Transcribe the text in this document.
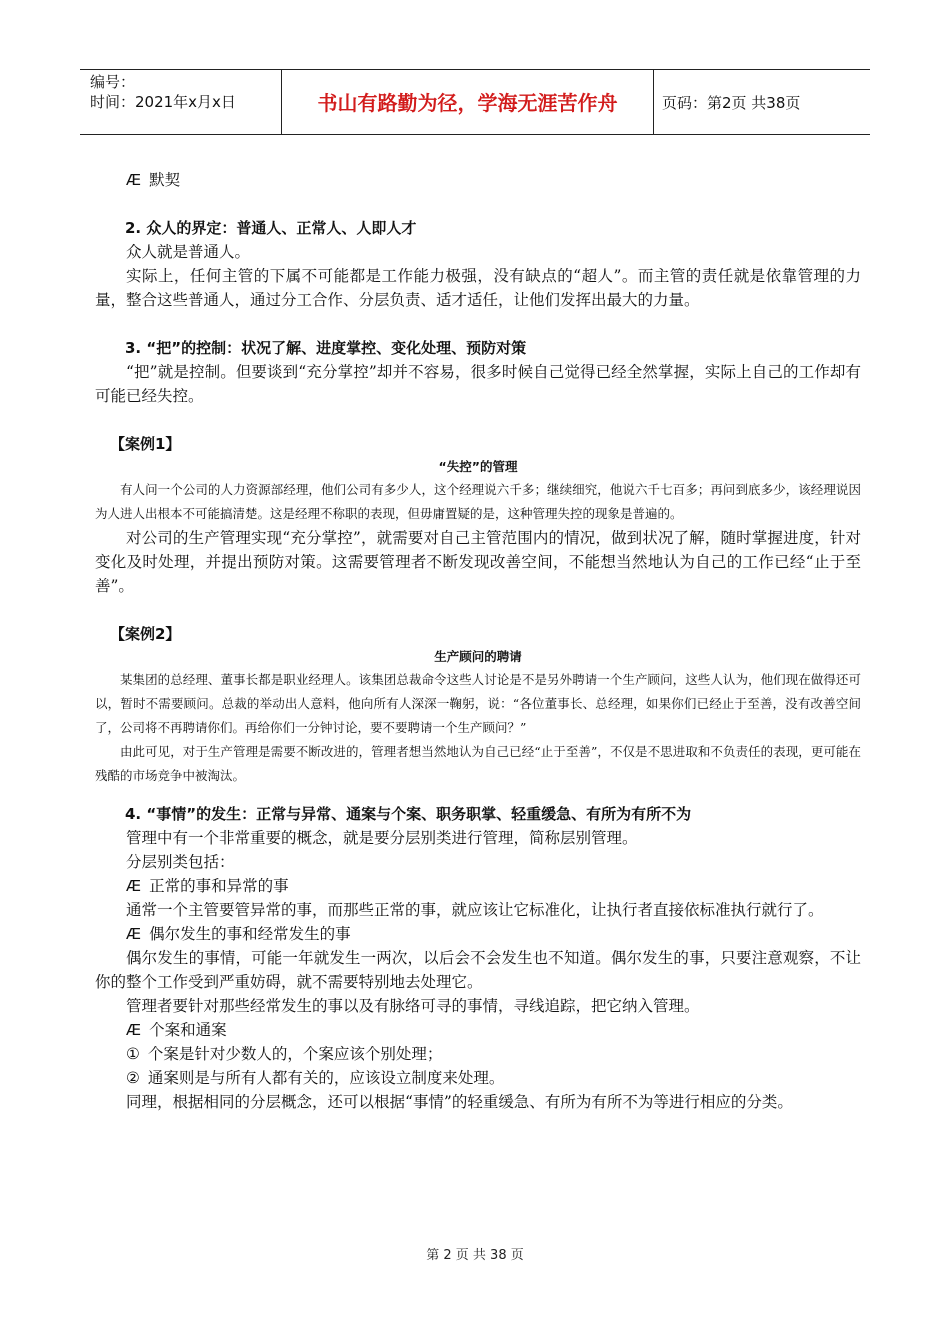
编号：
时间：2021年x月x日	书山有路勤为径，学海无涯苦作舟	页码：第2页 共38页

Æ 默契

2. 众人的界定：普通人、正常人、人即人才

众人就是普通人。

实际上，任何主管的下属不可能都是工作能力极强，没有缺点的“超人”。而主管的责任就是依靠管理的力量，整合这些普通人，通过分工合作、分层负责、适才适任，让他们发挥出最大的力量。

3. “把”的控制：状况了解、进度掌控、变化处理、预防对策

“把”就是控制。但要谈到“充分掌控”却并不容易，很多时候自己觉得已经全然掌握，实际上自己的工作却有可能已经失控。

【案例1】

“失控”的管理

有人问一个公司的人力资源部经理，他们公司有多少人，这个经理说六千多；继续细究，他说六千七百多；再问到底多少，该经理说因为人进人出根本不可能搞清楚。这是经理不称职的表现，但毋庸置疑的是，这种管理失控的现象是普遍的。

对公司的生产管理实现“充分掌控”，就需要对自己主管范围内的情况，做到状况了解，随时掌握进度，针对变化及时处理，并提出预防对策。这需要管理者不断发现改善空间，不能想当然地认为自己的工作已经“止于至善”。

【案例2】

生产顾问的聘请

某集团的总经理、董事长都是职业经理人。该集团总裁命令这些人讨论是不是另外聘请一个生产顾问，这些人认为，他们现在做得还可以，暂时不需要顾问。总裁的举动出人意料，他向所有人深深一鞠躬，说：“各位董事长、总经理，如果你们已经止于至善，没有改善空间了，公司将不再聘请你们。再给你们一分钟讨论，要不要聘请一个生产顾问？”

由此可见，对于生产管理是需要不断改进的，管理者想当然地认为自己已经“止于至善”，不仅是不思进取和不负责任的表现，更可能在残酷的市场竞争中被淘汰。

4. “事情”的发生：正常与异常、通案与个案、职务职掌、轻重缓急、有所为有所不为

管理中有一个非常重要的概念，就是要分层别类进行管理，简称层别管理。

分层别类包括：

Æ 正常的事和异常的事

通常一个主管要管异常的事，而那些正常的事，就应该让它标准化，让执行者直接依标准执行就行了。

Æ 偶尔发生的事和经常发生的事

偶尔发生的事情，可能一年就发生一两次，以后会不会发生也不知道。偶尔发生的事，只要注意观察，不让你的整个工作受到严重妨碍，就不需要特别地去处理它。

管理者要针对那些经常发生的事以及有脉络可寻的事情，寻线追踪，把它纳入管理。

Æ 个案和通案

① 个案是针对少数人的，个案应该个别处理；

② 通案则是与所有人都有关的，应该设立制度来处理。

同理，根据相同的分层概念，还可以根据“事情”的轻重缓急、有所为有所不为等进行相应的分类。

第 2 页 共 38 页
